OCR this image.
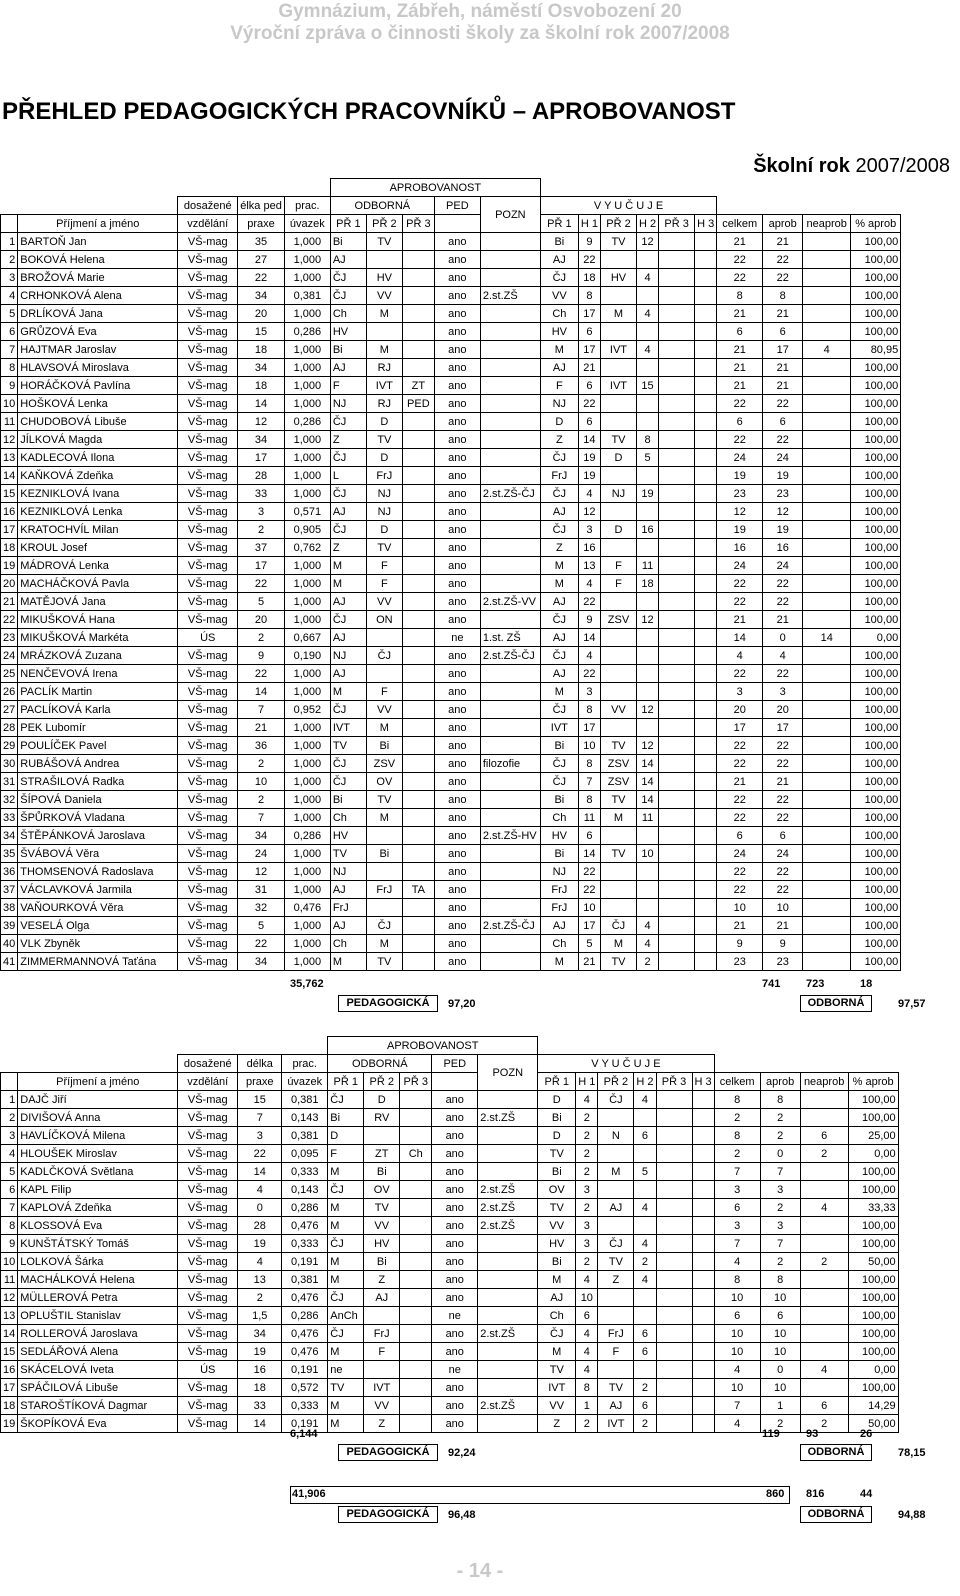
Gymnázium, Zábřeh, náměstí Osvobození 20
Výroční zpráva o činnosti školy za školní rok 2007/2008
PŘEHLED PEDAGOGICKÝCH PRACOVNÍKŮ – APROBOVANOST
Školní rok 2007/2008
					APROBOVANOST														
		dosažené	élka ped	prac.	ODBORNÁ			PED	POZN	V Y U Č U J E									
	Příjmení a jméno	vzdělání	praxe	úvazek	PŘ 1	PŘ 2	PŘ 3			PŘ 1	H 1	PŘ 2	H 2	PŘ 3	H 3	celkem	aprob	neaprob	% aprob
1	BARTOŇ Jan	VŠ-mag	35	1,000	Bi	TV		ano		Bi	9	TV	12			21	21		100,00
2	BOKOVÁ Helena	VŠ-mag	27	1,000	AJ			ano		AJ	22					22	22		100,00
3	BROŽOVÁ Marie	VŠ-mag	22	1,000	ČJ	HV		ano		ČJ	18	HV	4			22	22		100,00
4	CRHONKOVÁ Alena	VŠ-mag	34	0,381	ČJ	VV		ano	2.st.ZŠ	VV	8					8	8		100,00
5	DRLÍKOVÁ Jana	VŠ-mag	20	1,000	Ch	M		ano		Ch	17	M	4			21	21		100,00
6	GRŮZOVÁ Eva	VŠ-mag	15	0,286	HV			ano		HV	6					6	6		100,00
7	HAJTMAR Jaroslav	VŠ-mag	18	1,000	Bi	M		ano		M	17	IVT	4			21	17	4	80,95
8	HLAVSOVÁ Miroslava	VŠ-mag	34	1,000	AJ	RJ		ano		AJ	21					21	21		100,00
9	HORÁČKOVÁ Pavlína	VŠ-mag	18	1,000	F	IVT	ZT	ano		F	6	IVT	15			21	21		100,00
10	HOŠKOVÁ Lenka	VŠ-mag	14	1,000	NJ	RJ	PED	ano		NJ	22					22	22		100,00
11	CHUDOBOVÁ Libuše	VŠ-mag	12	0,286	ČJ	D		ano		D	6					6	6		100,00
12	JÍLKOVÁ Magda	VŠ-mag	34	1,000	Z	TV		ano		Z	14	TV	8			22	22		100,00
13	KADLECOVÁ Ilona	VŠ-mag	17	1,000	ČJ	D		ano		ČJ	19	D	5			24	24		100,00
14	KAŇKOVÁ Zdeňka	VŠ-mag	28	1,000	L	FrJ		ano		FrJ	19					19	19		100,00
15	KEZNIKLOVÁ Ivana	VŠ-mag	33	1,000	ČJ	NJ		ano	2.st.ZŠ-ČJ	ČJ	4	NJ	19			23	23		100,00
16	KEZNIKLOVÁ Lenka	VŠ-mag	3	0,571	AJ	NJ		ano		AJ	12					12	12		100,00
17	KRATOCHVÍL Milan	VŠ-mag	2	0,905	ČJ	D		ano		ČJ	3	D	16			19	19		100,00
18	KROUL Josef	VŠ-mag	37	0,762	Z	TV		ano		Z	16					16	16		100,00
19	MÁDROVÁ Lenka	VŠ-mag	17	1,000	M	F		ano		M	13	F	11			24	24		100,00
20	MACHÁČKOVÁ Pavla	VŠ-mag	22	1,000	M	F		ano		M	4	F	18			22	22		100,00
21	MATĚJOVÁ Jana	VŠ-mag	5	1,000	AJ	VV		ano	2.st.ZŠ-VV	AJ	22					22	22		100,00
22	MIKUŠKOVÁ Hana	VŠ-mag	20	1,000	ČJ	ON		ano		ČJ	9	ZSV	12			21	21		100,00
23	MIKUŠKOVÁ Markéta	ÚS	2	0,667	AJ			ne	1.st. ZŠ	AJ	14					14	0	14	0,00
24	MRÁZKOVÁ Zuzana	VŠ-mag	9	0,190	NJ	ČJ		ano	2.st.ZŠ-ČJ	ČJ	4					4	4		100,00
25	NENČEVOVÁ Irena	VŠ-mag	22	1,000	AJ			ano		AJ	22					22	22		100,00
26	PACLÍK Martin	VŠ-mag	14	1,000	M	F		ano		M	3					3	3		100,00
27	PACLÍKOVÁ Karla	VŠ-mag	7	0,952	ČJ	VV		ano		ČJ	8	VV	12			20	20		100,00
28	PEK Lubomír	VŠ-mag	21	1,000	IVT	M		ano		IVT	17					17	17		100,00
29	POULÍČEK Pavel	VŠ-mag	36	1,000	TV	Bi		ano		Bi	10	TV	12			22	22		100,00
30	RUBÁŠOVÁ Andrea	VŠ-mag	2	1,000	ČJ	ZSV		ano	filozofie	ČJ	8	ZSV	14			22	22		100,00
31	STRAŠILOVÁ Radka	VŠ-mag	10	1,000	ČJ	OV		ano		ČJ	7	ZSV	14			21	21		100,00
32	ŠÍPOVÁ Daniela	VŠ-mag	2	1,000	Bi	TV		ano		Bi	8	TV	14			22	22		100,00
33	ŠPŮRKOVÁ Vladana	VŠ-mag	7	1,000	Ch	M		ano		Ch	11	M	11			22	22		100,00
34	ŠTĚPÁNKOVÁ Jaroslava	VŠ-mag	34	0,286	HV			ano	2.st.ZŠ-HV	HV	6					6	6		100,00
35	ŠVÁBOVÁ Věra	VŠ-mag	24	1,000	TV	Bi		ano		Bi	14	TV	10			24	24		100,00
36	THOMSENOVÁ Radoslava	VŠ-mag	12	1,000	NJ			ano		NJ	22					22	22		100,00
37	VÁCLAVKOVÁ Jarmila	VŠ-mag	31	1,000	AJ	FrJ	TA	ano		FrJ	22					22	22		100,00
38	VAŇOURKOVÁ Věra	VŠ-mag	32	0,476	FrJ			ano		FrJ	10					10	10		100,00
39	VESELÁ Olga	VŠ-mag	5	1,000	AJ	ČJ		ano	2.st.ZŠ-ČJ	AJ	17	ČJ	4			21	21		100,00
40	VLK Zbyněk	VŠ-mag	22	1,000	Ch	M		ano		Ch	5	M	4			9	9		100,00
41	ZIMMERMANNOVÁ Taťána	VŠ-mag	34	1,000	M	TV		ano		M	21	TV	2			23	23		100,00
35,762	741 723	18
PEDAGOGICKÁ	97,20	ODBORNÁ	97,57
					APROBOVANOST														
		dosažené	délka	prac.	ODBORNÁ			PED	POZN	V Y U Č U J E									
	Příjmení a jméno	vzdělání	praxe	úvazek	PŘ 1	PŘ 2	PŘ 3			PŘ 1	H 1	PŘ 2	H 2	PŘ 3	H 3	celkem	aprob	neaprob	% aprob
1	DAJČ Jiří	VŠ-mag	15	0,381	ČJ	D		ano		D	4	ČJ	4			8	8		100,00
2	DIVIŠOVÁ Anna	VŠ-mag	7	0,143	Bi	RV		ano	2.st.ZŠ	Bi	2					2	2		100,00
3	HAVLÍČKOVÁ Milena	VŠ-mag	3	0,381	D			ano		D	2	N	6			8	2	6	25,00
4	HLOUŠEK Miroslav	VŠ-mag	22	0,095	F	ZT	Ch	ano		TV	2					2	0	2	0,00
5	KADLČKOVÁ Světlana	VŠ-mag	14	0,333	M	Bi		ano		Bi	2	M	5			7	7		100,00
6	KAPL Filip	VŠ-mag	4	0,143	ČJ	OV		ano	2.st.ZŠ	OV	3					3	3		100,00
7	KAPLOVÁ Zdeňka	VŠ-mag	0	0,286	M	TV		ano	2.st.ZŠ	TV	2	AJ	4			6	2	4	33,33
8	KLOSSOVÁ Eva	VŠ-mag	28	0,476	M	VV		ano	2.st.ZŠ	VV	3					3	3		100,00
9	KUNŠTÁTSKÝ Tomáš	VŠ-mag	19	0,333	ČJ	HV		ano		HV	3	ČJ	4			7	7		100,00
10	LOLKOVÁ Šárka	VŠ-mag	4	0,191	M	Bi		ano		Bi	2	TV	2			4	2	2	50,00
11	MACHÁLKOVÁ Helena	VŠ-mag	13	0,381	M	Z		ano		M	4	Z	4			8	8		100,00
12	MÜLLEROVÁ Petra	VŠ-mag	2	0,476	ČJ	AJ		ano		AJ	10					10	10		100,00
13	OPLUŠTIL Stanislav	VŠ-mag	1,5	0,286	AnCh			ne		Ch	6					6	6		100,00
14	ROLLEROVÁ Jaroslava	VŠ-mag	34	0,476	ČJ	FrJ		ano	2.st.ZŠ	ČJ	4	FrJ	6			10	10		100,00
15	SEDLÁŘOVÁ Alena	VŠ-mag	19	0,476	M	F		ano		M	4	F	6			10	10		100,00
16	SKÁCELOVÁ Iveta	ÚS	16	0,191	ne			ne		TV	4					4	0	4	0,00
17	SPÁČILOVÁ Libuše	VŠ-mag	18	0,572	TV	IVT		ano		IVT	8	TV	2			10	10		100,00
18	STAROŠTÍKOVÁ Dagmar	VŠ-mag	33	0,333	M	VV		ano	2.st.ZŠ	VV	1	AJ	6			7	1	6	14,29
19	ŠKOPÍKOVÁ Eva	VŠ-mag	14	0,191	M	Z		ano		Z	2	IVT	2			4	2	2	50,00
6,144	119 93	26
PEDAGOGICKÁ	92,24	ODBORNÁ	78,15
41,906	860 816	44
PEDAGOGICKÁ	96,48	ODBORNÁ	94,88
- 14 -
